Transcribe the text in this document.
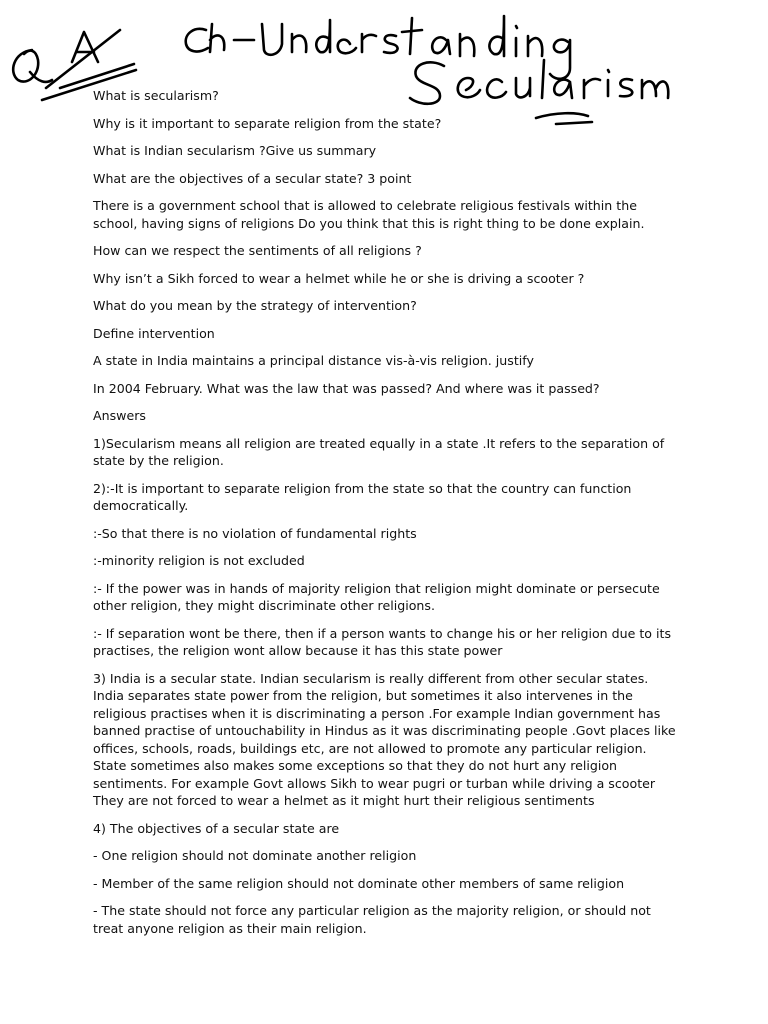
What is secularism?

Why is it important to separate religion from the state?

What is Indian secularism ?Give us summary

What are the objectives of a secular state? 3 point

There is a government school that is allowed to celebrate religious festivals within the school, having signs of religions Do you think that this is right thing to be done explain.

How can we respect the sentiments of all religions ?

Why isn’t a Sikh forced to wear a helmet while he or she is driving a scooter ?

What do you mean by the strategy of intervention?

Define intervention

A state in India maintains a principal distance vis-à-vis religion. justify

In 2004 February. What was the law that was passed? And where was it passed?

Answers

1)Secularism means all religion are treated equally in a state .It refers to the separation of state by the religion.

2):-It is important to separate religion from the state so that the country can function democratically.

:-So that there is no violation of fundamental rights

:-minority religion is not excluded

:- If the power was in hands of majority religion that religion might dominate or persecute other religion, they might discriminate other religions.

:- If separation wont be there, then if a person wants to change his or her religion due to its practises, the religion wont allow because it has this state power

3) India is a secular state. Indian secularism is really different from other secular states. India separates state power from the religion, but sometimes it also intervenes in the religious practises when it is discriminating a person .For example Indian government has banned practise of untouchability in Hindus as it was discriminating people .Govt places like offices, schools, roads, buildings etc, are not allowed to promote any particular religion. State sometimes also makes some exceptions so that they do not hurt any religion sentiments. For example Govt allows Sikh to wear pugri or turban while driving a scooter They are not forced to wear a helmet as it might hurt their religious sentiments

4) The objectives of a secular state are

- One religion should not dominate another religion

- Member of the same religion should not dominate other members of same religion

- The state should not force any particular religion as the majority religion, or should not treat anyone religion as their main religion.
